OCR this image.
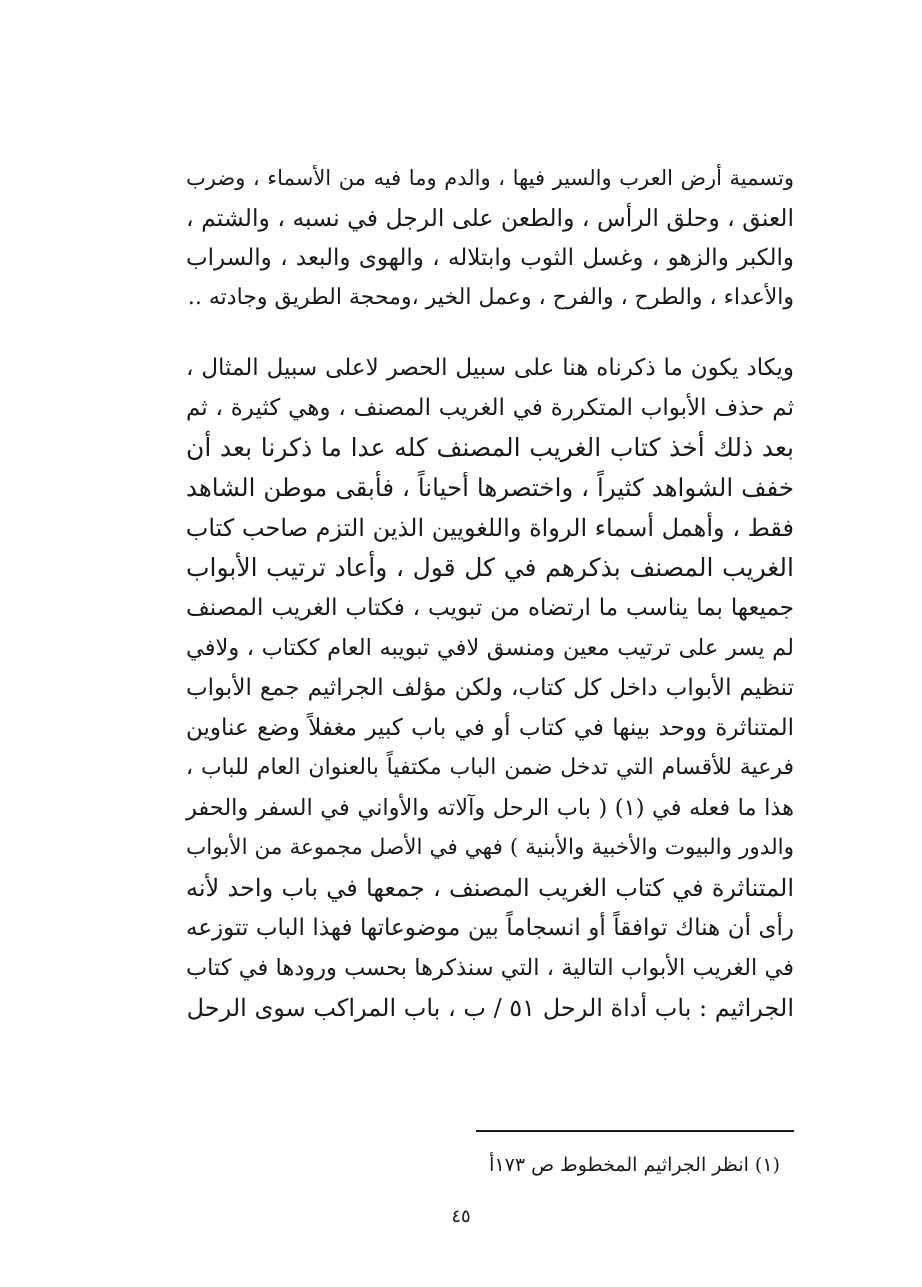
وتسمية أرض العرب والسير فيها ، والدم وما فيه من الأسماء ، وضرب
العنق ، وحلق الرأس ، والطعن على الرجل في نسبه ، والشتم ،
والكبر والزهو ، وغسل الثوب وابتلاله ، والهوى والبعد ، والسراب
والأعداء ، والطرح ، والفرح ، وعمل الخير ،ومحجة الطريق وجادته ..
ويكاد يكون ما ذكرناه هنا على سبيل الحصر لاعلى سبيل المثال ،
ثم حذف الأبواب المتكررة في الغريب المصنف ، وهي كثيرة ، ثم
بعد ذلك أخذ كتاب الغريب المصنف كله عدا ما ذكرنا بعد أن
خفف الشواهد كثيراً ، واختصرها أحياناً ، فأبقى موطن الشاهد
فقط ، وأهمل أسماء الرواة واللغويين الذين التزم صاحب كتاب
الغريب المصنف بذكرهم في كل قول ، وأعاد ترتيب الأبواب
جميعها بما يناسب ما ارتضاه من تبويب ، فكتاب الغريب المصنف
لم يسر على ترتيب معين ومنسق لافي تبويبه العام ككتاب ، ولافي
تنظيم الأبواب داخل كل كتاب، ولكن مؤلف الجراثيم جمع الأبواب
المتناثرة ووحد بينها في كتاب أو في باب كبير مغفلاً وضع عناوين
فرعية للأقسام التي تدخل ضمن الباب مكتفياً بالعنوان العام للباب ،
هذا ما فعله في (١) ( باب الرحل وآلاته والأواني في السفر والحفر
والدور والبيوت والأخبية والأبنية ) فهي في الأصل مجموعة من الأبواب
المتناثرة في كتاب الغريب المصنف ، جمعها في باب واحد لأنه
رأى أن هناك توافقاً أو انسجاماً بين موضوعاتها فهذا الباب تتوزعه
في الغريب الأبواب التالية ، التي سنذكرها بحسب ورودها في كتاب
الجراثيم : باب أداة الرحل ٥١ / ب ، باب المراكب سوى الرحل
(١) انظر الجراثيم المخطوط ص ١٧٣أ
٤٥
